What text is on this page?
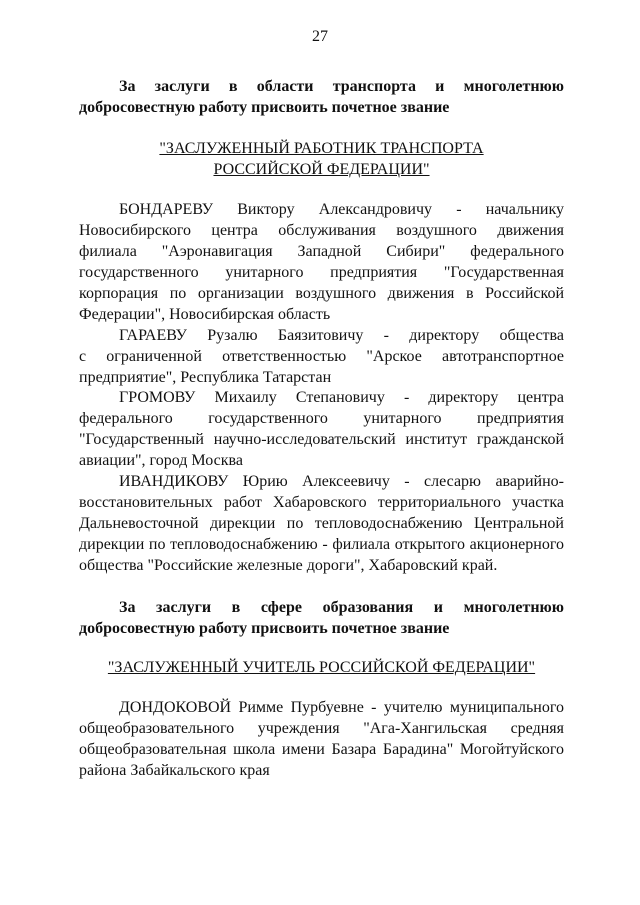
27
За заслуги в области транспорта и многолетнюю
добросовестную работу присвоить почетное звание
"ЗАСЛУЖЕННЫЙ РАБОТНИК ТРАНСПОРТА
РОССИЙСКОЙ ФЕДЕРАЦИИ"
БОНДАРЕВУ Виктору Александровичу - начальнику
Новосибирского центра обслуживания воздушного движения
филиала "Аэронавигация Западной Сибири" федерального
государственного унитарного предприятия "Государственная
корпорация по организации воздушного движения в Российской
Федерации", Новосибирская область
ГАРАЕВУ Рузалю Баязитовичу - директору общества
с ограниченной ответственностью "Арское автотранспортное
предприятие", Республика Татарстан
ГРОМОВУ Михаилу Степановичу - директору центра
федерального государственного унитарного предприятия
"Государственный научно-исследовательский институт гражданской
авиации", город Москва
ИВАНДИКОВУ Юрию Алексеевичу - слесарю аварийно-
восстановительных работ Хабаровского территориального участка
Дальневосточной дирекции по тепловодоснабжению Центральной
дирекции по тепловодоснабжению - филиала открытого акционерного
общества "Российские железные дороги", Хабаровский край.
За заслуги в сфере образования и многолетнюю
добросовестную работу присвоить почетное звание
"ЗАСЛУЖЕННЫЙ УЧИТЕЛЬ РОССИЙСКОЙ ФЕДЕРАЦИИ"
ДОНДОКОВОЙ Римме Пурбуевне - учителю муниципального
общеобразовательного учреждения "Ага-Хангильская средняя
общеобразовательная школа имени Базара Барадина" Могойтуйского
района Забайкальского края
